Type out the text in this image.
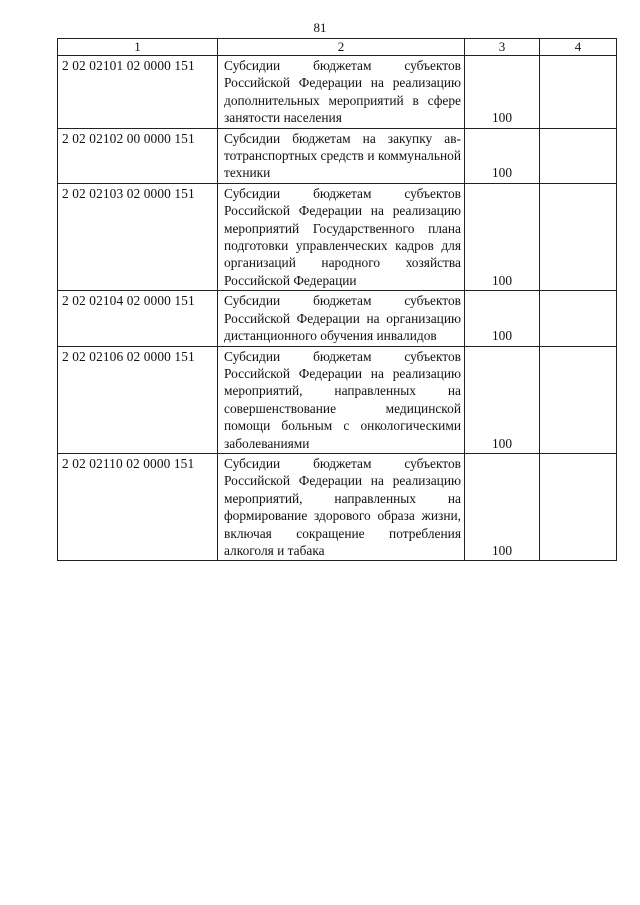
81
1	2	3	4
2 02 02101 02 0000 151	Субсидии бюджетам субъектов Российской Федерации на реализацию дополнительных мероприятий в сфере занятости населения	100	
2 02 02102 00 0000 151	Субсидии бюджетам на закупку автотранспортных средств и коммунальной техники	100	
2 02 02103 02 0000 151	Субсидии бюджетам субъектов Российской Федерации на реализацию мероприятий Государственного плана подготовки управленческих кадров для организаций народного хозяйства Российской Федерации	100	
2 02 02104 02 0000 151	Субсидии бюджетам субъектов Российской Федерации на организацию дистанционного обучения инвалидов	100	
2 02 02106 02 0000 151	Субсидии бюджетам субъектов Российской Федерации на реализацию мероприятий, направленных на совершенствование медицинской помощи больным с онкологическими заболеваниями	100	
2 02 02110 02 0000 151	Субсидии бюджетам субъектов Российской Федерации на реализацию мероприятий, направленных на формирование здорового образа жизни, включая сокращение потребления алкоголя и табака	100	
